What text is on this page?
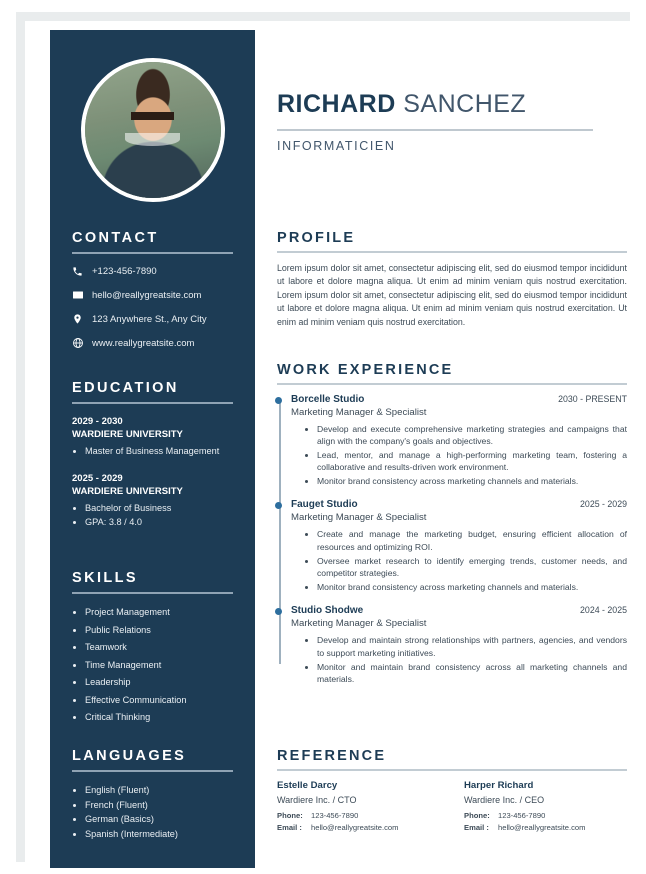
CONTACT
+123-456-7890
hello@reallygreatsite.com
123 Anywhere St., Any City
www.reallygreatsite.com
EDUCATION
2029 - 2030
WARDIERE UNIVERSITY
• Master of Business Management
2025 - 2029
WARDIERE UNIVERSITY
• Bachelor of Business
• GPA: 3.8 / 4.0
SKILLS
• Project Management
• Public Relations
• Teamwork
• Time Management
• Leadership
• Effective Communication
• Critical Thinking
LANGUAGES
• English (Fluent)
• French (Fluent)
• German (Basics)
• Spanish (Intermediate)
RICHARD SANCHEZ
INFORMATICIEN
PROFILE

Lorem ipsum dolor sit amet, consectetur adipiscing elit, sed do eiusmod tempor incididunt ut labore et dolore magna aliqua. Ut enim ad minim veniam quis nostrud exercitation. Lorem ipsum dolor sit amet, consectetur adipiscing elit, sed do eiusmod tempor incididunt ut labore et dolore magna aliqua. Ut enim ad minim veniam quis nostrud exercitation. Ut enim ad minim veniam quis nostrud exercitation.

WORK EXPERIENCE
Borcelle Studio	2030 - PRESENT
Marketing Manager & Specialist
• Develop and execute comprehensive marketing strategies and campaigns that align with the company's goals and objectives.
• Lead, mentor, and manage a high-performing marketing team, fostering a collaborative and results-driven work environment.
• Monitor brand consistency across marketing channels and materials.
Fauget Studio	2025 - 2029
Marketing Manager & Specialist
• Create and manage the marketing budget, ensuring efficient allocation of resources and optimizing ROI.
• Oversee market research to identify emerging trends, customer needs, and competitor strategies.
• Monitor brand consistency across marketing channels and materials.
Studio Shodwe	2024 - 2025
Marketing Manager & Specialist
• Develop and maintain strong relationships with partners, agencies, and vendors to support marketing initiatives.
• Monitor and maintain brand consistency across all marketing channels and materials.
REFERENCE
Estelle Darcy
Wardiere Inc. / CTO
Phone:	123-456-7890
Email :	hello@reallygreatsite.com
Harper Richard
Wardiere Inc. / CEO
Phone:	123-456-7890
Email :	hello@reallygreatsite.com
